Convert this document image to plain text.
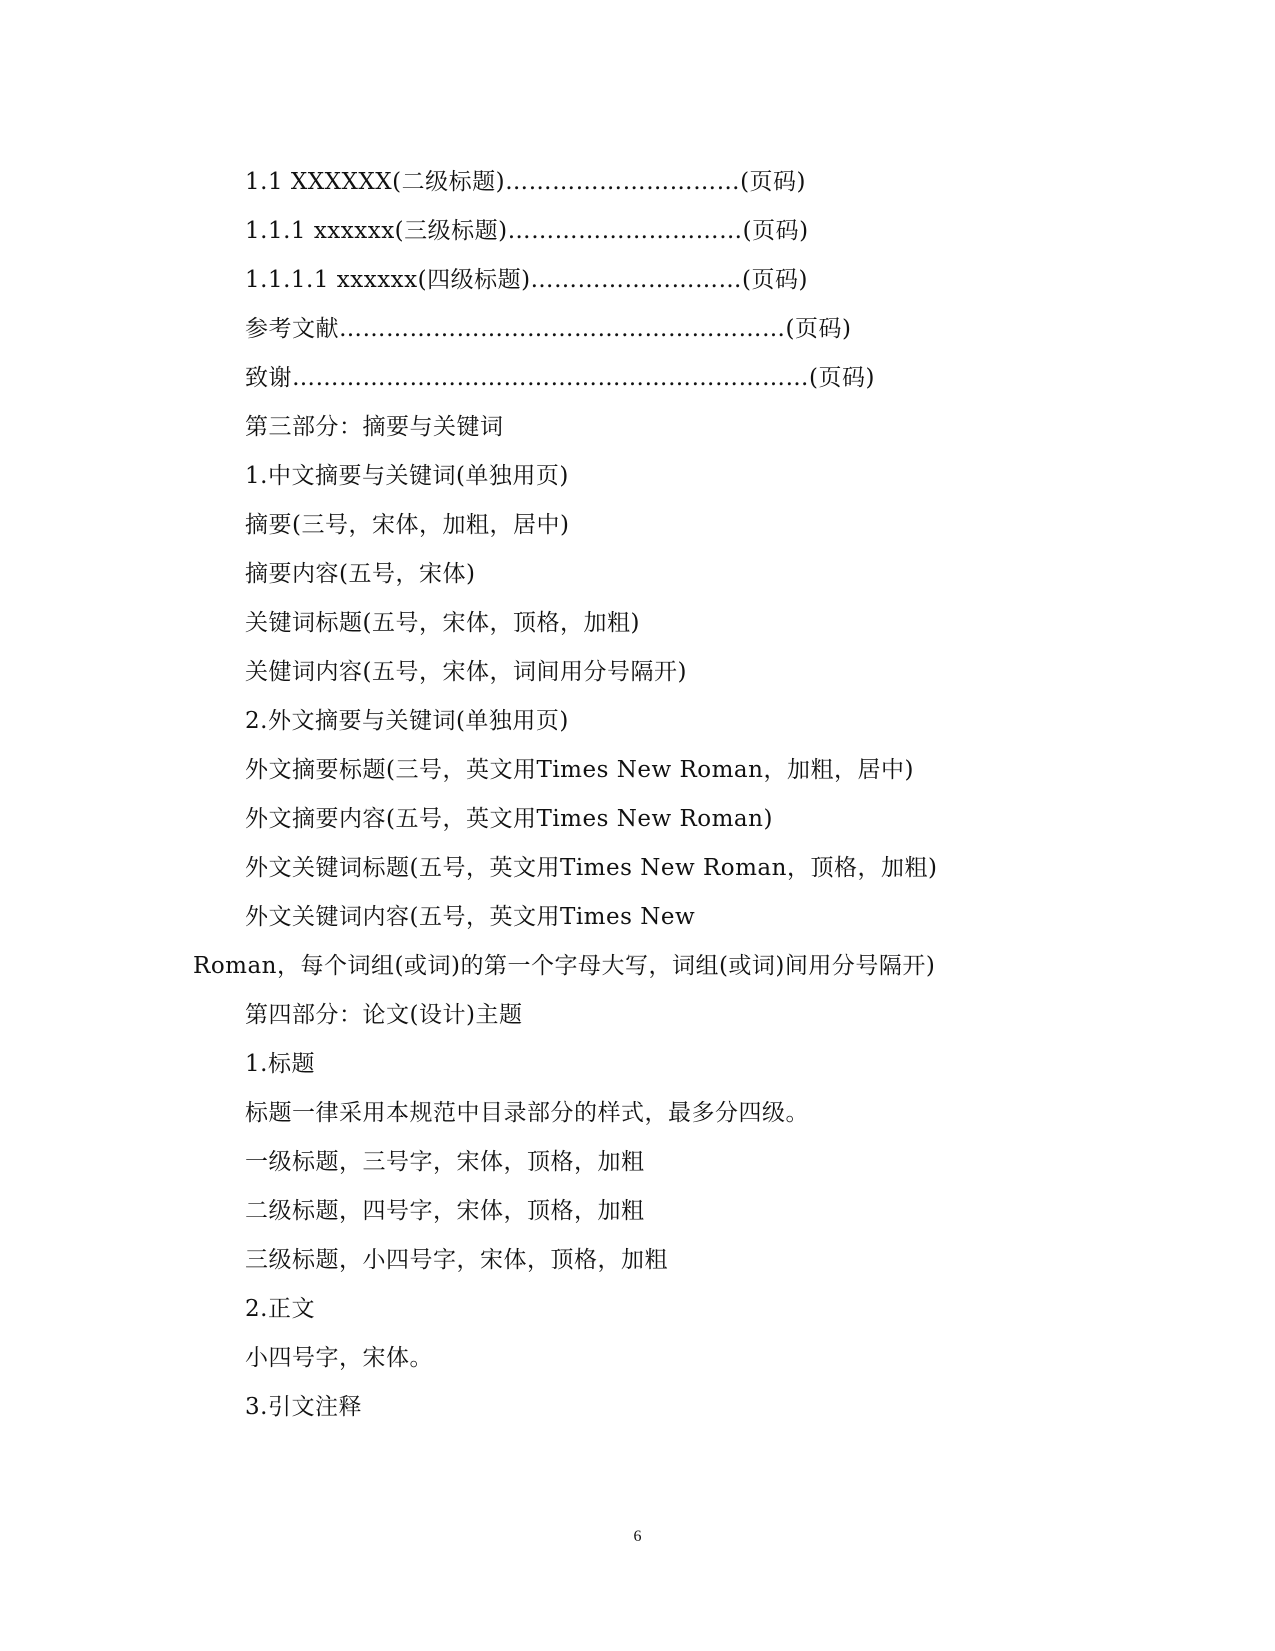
1.1 XXXXXX(二级标题)…………………………(页码)
1.1.1 xxxxxx(三级标题)…………………………(页码)
1.1.1.1 xxxxxx(四级标题)………………………(页码)
参考文献…………………………………………………(页码)
致谢…………………………………………………………(页码)
第三部分：摘要与关键词
1.中文摘要与关键词(单独用页)
摘要(三号，宋体，加粗，居中)
摘要内容(五号，宋体)
关键词标题(五号，宋体，顶格，加粗)
关健词内容(五号，宋体，词间用分号隔开)
2.外文摘要与关键词(单独用页)
外文摘要标题(三号，英文用Times New Roman，加粗，居中)
外文摘要内容(五号，英文用Times New Roman)
外文关键词标题(五号，英文用Times New Roman，顶格，加粗)
外文关键词内容(五号，英文用Times New
Roman，每个词组(或词)的第一个字母大写，词组(或词)间用分号隔开)
第四部分：论文(设计)主题
1.标题
标题一律采用本规范中目录部分的样式，最多分四级。
一级标题，三号字，宋体，顶格，加粗
二级标题，四号字，宋体，顶格，加粗
三级标题，小四号字，宋体，顶格，加粗
2.正文
小四号字，宋体。
3.引文注释
6
